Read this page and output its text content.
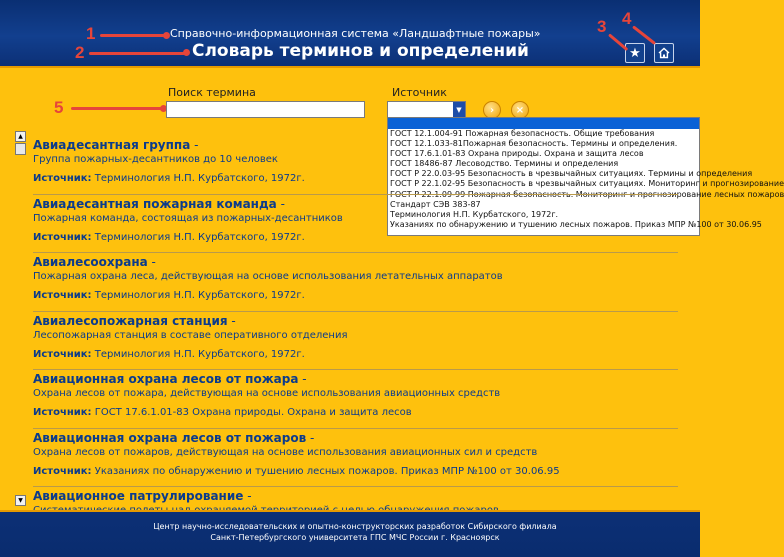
Справочно-информационная система «Ландшафтные пожары»
Словарь терминов и определений	★
1
2
3 4
5
Поиск термина	Источник
▼	› ×
ГОСТ 12.1.004-91 Пожарная безопасность. Общие требования
ГОСТ 12.1.033-81Пожарная безопасность. Термины и определения.
ГОСТ 17.6.1.01-83 Охрана природы. Охрана и защита лесов
ГОСТ 18486-87 Лесоводство. Термины и определения
ГОСТ Р 22.0.03-95 Безопасность в чрезвычайных ситуациях. Термины и определения
ГОСТ Р 22.1.02-95 Безопасность в чрезвычайных ситуациях. Мониторинг и прогнозирование
ГОСТ Р 22.1.09-99 Пожарная безопасность. Мониторинг и прогнозирование лесных пожаров
Стандарт СЭВ 383-87
Терминология Н.П. Курбатского, 1972г.
Указаниях по обнаружению и тушению лесных пожаров. Приказ МПР №100 от 30.06.95
▲
▼
Авиадесантная группа -
Группа пожарных-десантников до 10 человек
Источник: Терминология Н.П. Курбатского, 1972г.
Авиадесантная пожарная команда -
Пожарная команда, состоящая из пожарных-десантников
Источник: Терминология Н.П. Курбатского, 1972г.
Авиалесоохрана -
Пожарная охрана леса, действующая на основе использования летательных аппаратов
Источник: Терминология Н.П. Курбатского, 1972г.
Авиалесопожарная станция -
Лесопожарная станция в составе оперативного отделения
Источник: Терминология Н.П. Курбатского, 1972г.
Авиационная охрана лесов от пожара -
Охрана лесов от пожара, действующая на основе использования авиационных средств
Источник: ГОСТ 17.6.1.01-83 Охрана природы. Охрана и защита лесов
Авиационная охрана лесов от пожаров -
Охрана лесов от пожаров, действующая на основе использования авиационных сил и средств
Источник: Указаниях по обнаружению и тушению лесных пожаров. Приказ МПР №100 от 30.06.95
Авиационное патрулирование -
Центр научно-исследовательских и опытно-конструкторских разработок Сибирского филиала
Санкт-Петербургского университета ГПС МЧС России г. Красноярск
